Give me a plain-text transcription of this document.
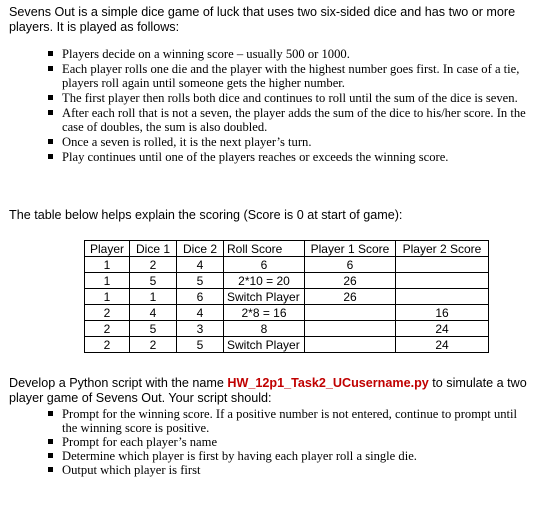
Sevens Out is a simple dice game of luck that uses two six-sided dice and has two or more players. It is played as follows:
Players decide on a winning score – usually 500 or 1000.
Each player rolls one die and the player with the highest number goes first. In case of a tie, players roll again until someone gets the higher number.
The first player then rolls both dice and continues to roll until the sum of the dice is seven.
After each roll that is not a seven, the player adds the sum of the dice to his/her score. In the case of doubles, the sum is also doubled.
Once a seven is rolled, it is the next player’s turn.
Play continues until one of the players reaches or exceeds the winning score.
The table below helps explain the scoring (Score is 0 at start of game):
Player	Dice 1	Dice 2	Roll Score	Player 1 Score	Player 2 Score
1	2	4	6	6	
1	5	5	2*10 = 20	26	
1	1	6	Switch Player	26	
2	4	4	2*8 = 16		16
2	5	3	8		24
2	2	5	Switch Player		24
Develop a Python script with the name HW_12p1_Task2_UCusername.py to simulate a two player game of Sevens Out. Your script should:
Prompt for the winning score. If a positive number is not entered, continue to prompt until the winning score is positive.
Prompt for each player’s name
Determine which player is first by having each player roll a single die.
Output which player is first
